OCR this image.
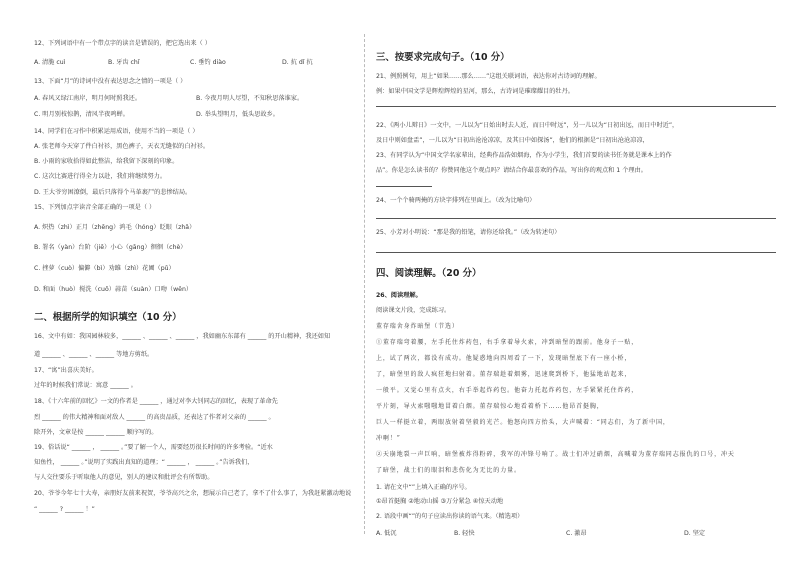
12、下列词语中有一个带点字的读音是错误的，把它选出来（ ）
A. 清脆 cuì	B. 牙齿 chǐ	C. 垂钓 diào	D. 抗 dǐ 抗
13、下面“月”的诗词中没有表达思念之情的一项是（ ）
A. 春风又绿江南岸，明月何时照我还。	B. 今夜月明人尽望，不知秋思落谁家。
C. 明月别枝惊鹊，清风半夜鸣蝉。	D. 举头望明月，低头思故乡。
14、同学们在习作中积累运用成语，使用不当的一项是（ ）
A. 张老师今天穿了件白衬衫，黑色裤子，天衣无缝似的白衬衫。
B. 小雨的家收拾得如此整洁，给我留下深刻的印象。
C. 这次比赛进行得全力以赴，我们将继续努力。
D. 王大爷穷困潦倒，最后只落得个马革裹尸的悲惨结局。
15、下列加点字读音全部正确的一项是（ ）
A. 炽热（zhì）正月（zhēng）鸿毛（hóng）眨眼（zhǎ）
B. 署名（yàn）台阶（jiē）小心（gāng）徊徊（chè）
C. 挫萝（cuò）偏僻（bì）劝雎（zhì）花圃（pǔ）
D. 和面（huò）搅洗（cuō）蒜苗（suàn）口吻（wěn）
二、根据所学的知识填空（10 分）
16、文中有如：我国园林较多，______ 、______ 、______ ，我如幽东东部有 ______ 的开山精神，我还如知
道 ______ 、______ 、______ 等地方剪纸。
17、“寓”出喜庆美好。
过年的时候我们常说：寓意 ______ 。
18、《十六年前的回忆》一文的作者是 ______ ，通过对李大钊同志的回忆，表现了革命先
烈 ______ 的伟大精神和面对敌人 ______ 的高贵品质，还表达了作者对父亲的 ______ 。
除开外，文章是按 ______ ______ 顺序写的。
19、俗话说“ ______ ， ______ 。”要了解一个人，需要经历很长时间的许多考验。“近水
知鱼性， ______ 。”说明了实践出真知的道理；“ ______ ， ______ 。”告诉我们，
与人交往要乐于听取他人的意见，别人的建议和批评会有所帮助。
20、爷爷今年七十大寿，亲朋好友前来祝贺，爷爷高兴之余，想展示自己老了，拿不了什么事了，为我赶紧激动地说
“ ______ ? ______ ！”
三、按要求完成句子。（10 分）
21、例照例句，用上“如果……那么……”这组关联词语，表达你对古诗词的理解。
例：如果中国文学是辉煌辉煌的星河，那么，古诗词是璀璨耀目的牡丹。
22、《两小儿辩日》一文中，一儿以为“日始出时去人近，而日中时远”，另一儿以为“日初出远，而日中时近”，
及日中则如盘盂”，一儿以为“日初出沧沧凉凉，及其日中如探汤”，他们的根据是“日初出沧沧凉凉，
23、有同学认为“中国文学名家辈出，经典作品浩如烟海，作为小学生，我们首要的读书任务就是课本上的作
品”。你是怎么读书的？你赞同他这个观点吗？请结合你最喜欢的作品，写出你的观点和 1 个理由。
24、一个个骑两掩的方块字排列在里面上。（改为比喻句）
25、小芳对小明说：“那是我的铅笔，请你还给我。”（改为转述句）
四、阅读理解。（20 分）
26、阅读理解。
阅读课文片段，完成练习。
董存瑞舍身炸暗堡（节选）
①董存瑞弯着腰，左手托住炸药包，右手拿着导火索，冲到暗堡的跟前。他身子一贴，
上，试了两次，都没有成功。他疑惑地向四周看了一下，发现暗堡底下有一座小桥，
了，暗堡里的敌人疯狂地扫射着。董存瑞趁着烟雾，迅速爬到桥下，他猛地站起来，
一般平。又觉心里有点火，右手举起炸药包。他奋力托起炸药包，左手紧紧托住炸药，
平片刻，导火索嗤嗤地冒着白烟。董存瑞惊心地看着桥下……他昂首挺胸，
巨人一样挺立着，两眼放射着坚毅的光芒。他怒向四方抬头，大声喊着：“同志们，为了新中国，
冲啊！”
②天崩地裂一声巨响，暗堡被炸得粉碎，我军的冲锋号响了。战士们冲过硝烟，高喊着为董存瑞同志报仇的口号，冲天
了暗堡，战士们的眼泪和悲伤化为无比的力量。
1. 请在文中“”上填入正确的序号。
①昂首挺胸 ②地动山摇 ③万分紧急 ④惊天动地
2. 语段中画“”的句子应读出你读的语气来。（精选项）
A. 低沉	B. 轻快	C. 激昂	D. 坚定
